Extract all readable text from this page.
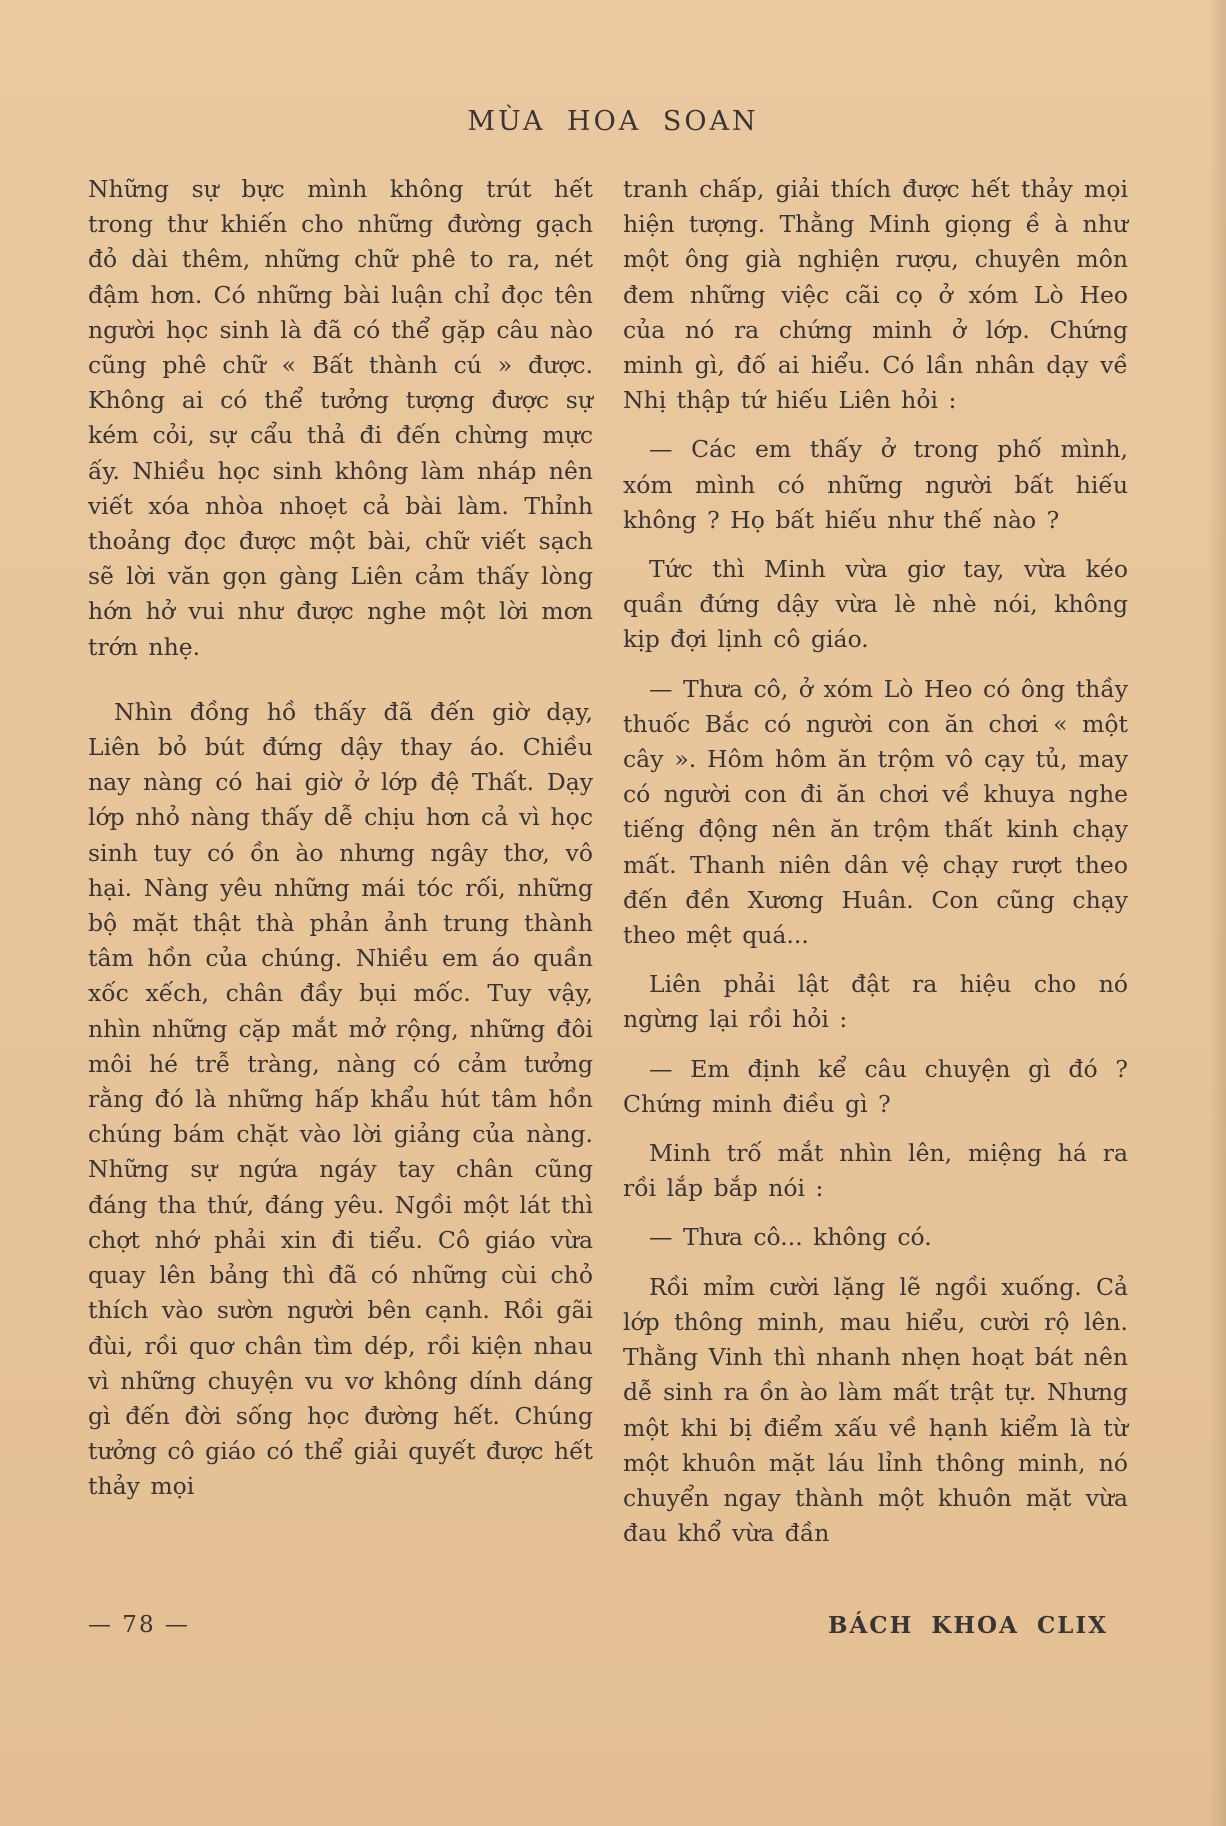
MÙA HOA SOAN

Những sự bực mình không trút hết trong thư khiến cho những đường gạch đỏ dài thêm, những chữ phê to ra, nét đậm hơn. Có những bài luận chỉ đọc tên người học sinh là đã có thể gặp câu nào cũng phê chữ « Bất thành cú » được. Không ai có thể tưởng tượng được sự kém cỏi, sự cẩu thả đi đến chừng mực ấy. Nhiều học sinh không làm nháp nên viết xóa nhòa nhoẹt cả bài làm. Thỉnh thoảng đọc được một bài, chữ viết sạch sẽ lời văn gọn gàng Liên cảm thấy lòng hớn hở vui như được nghe một lời mơn trớn nhẹ.

Nhìn đồng hồ thấy đã đến giờ dạy, Liên bỏ bút đứng dậy thay áo. Chiều nay nàng có hai giờ ở lớp đệ Thất. Dạy lớp nhỏ nàng thấy dễ chịu hơn cả vì học sinh tuy có ồn ào nhưng ngây thơ, vô hại. Nàng yêu những mái tóc rối, những bộ mặt thật thà phản ảnh trung thành tâm hồn của chúng. Nhiều em áo quần xốc xếch, chân đầy bụi mốc. Tuy vậy, nhìn những cặp mắt mở rộng, những đôi môi hé trễ tràng, nàng có cảm tưởng rằng đó là những hấp khẩu hút tâm hồn chúng bám chặt vào lời giảng của nàng. Những sự ngứa ngáy tay chân cũng đáng tha thứ, đáng yêu. Ngồi một lát thì chợt nhớ phải xin đi tiểu. Cô giáo vừa quay lên bảng thì đã có những cùi chỏ thích vào sườn người bên cạnh. Rồi gãi đùi, rồi quơ chân tìm dép, rồi kiện nhau vì những chuyện vu vơ không dính dáng gì đến đời sống học đường hết. Chúng tưởng cô giáo có thể giải quyết được hết thảy mọi

tranh chấp, giải thích được hết thảy mọi hiện tượng. Thằng Minh giọng ề à như một ông già nghiện rượu, chuyên môn đem những việc cãi cọ ở xóm Lò Heo của nó ra chứng minh ở lớp. Chứng minh gì, đố ai hiểu. Có lần nhân dạy về Nhị thập tứ hiếu Liên hỏi :

— Các em thấy ở trong phố mình, xóm mình có những người bất hiếu không ? Họ bất hiếu như thế nào ?

Tức thì Minh vừa giơ tay, vừa kéo quần đứng dậy vừa lè nhè nói, không kịp đợi lịnh cô giáo.

— Thưa cô, ở xóm Lò Heo có ông thầy thuốc Bắc có người con ăn chơi « một cây ». Hôm hôm ăn trộm vô cạy tủ, may có người con đi ăn chơi về khuya nghe tiếng động nên ăn trộm thất kinh chạy mất. Thanh niên dân vệ chạy rượt theo đến đền Xương Huân. Con cũng chạy theo mệt quá...

Liên phải lật đật ra hiệu cho nó ngừng lại rồi hỏi :

— Em định kể câu chuyện gì đó ? Chứng minh điều gì ?

Minh trố mắt nhìn lên, miệng há ra rồi lắp bắp nói :

— Thưa cô... không có.

Rồi mỉm cười lặng lẽ ngồi xuống. Cả lớp thông minh, mau hiểu, cười rộ lên. Thằng Vinh thì nhanh nhẹn hoạt bát nên dễ sinh ra ồn ào làm mất trật tự. Nhưng một khi bị điểm xấu về hạnh kiểm là từ một khuôn mặt láu lỉnh thông minh, nó chuyển ngay thành một khuôn mặt vừa đau khổ vừa đần

— 78 —	BÁCH KHOA CLIX
